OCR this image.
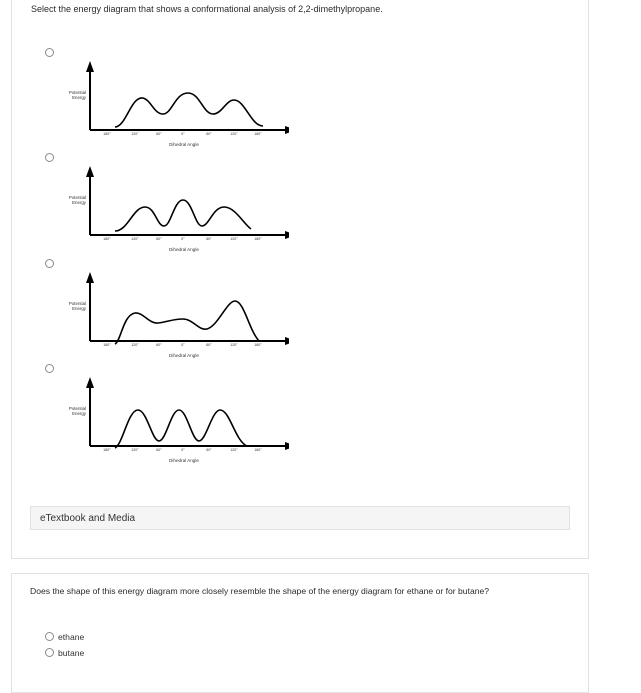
Select the energy diagram that shows a conformational analysis of 2,2-dimethylpropane.
Potential
Energy
180°	120°	60°	0°	60°	120°	180°
Dihedral Angle
Potential
Energy
180°	120°	60°	0°	60°	120°	180°
Dihedral Angle
Potential
Energy
180°	120°	60°	0°	60°	120°	180°
Dihedral Angle
Potential
Energy
180°	120°	60°	0°	60°	120°	180°
Dihedral Angle
eTextbook and Media
Does the shape of this energy diagram more closely resemble the shape of the energy diagram for ethane or for butane?
ethane
butane
